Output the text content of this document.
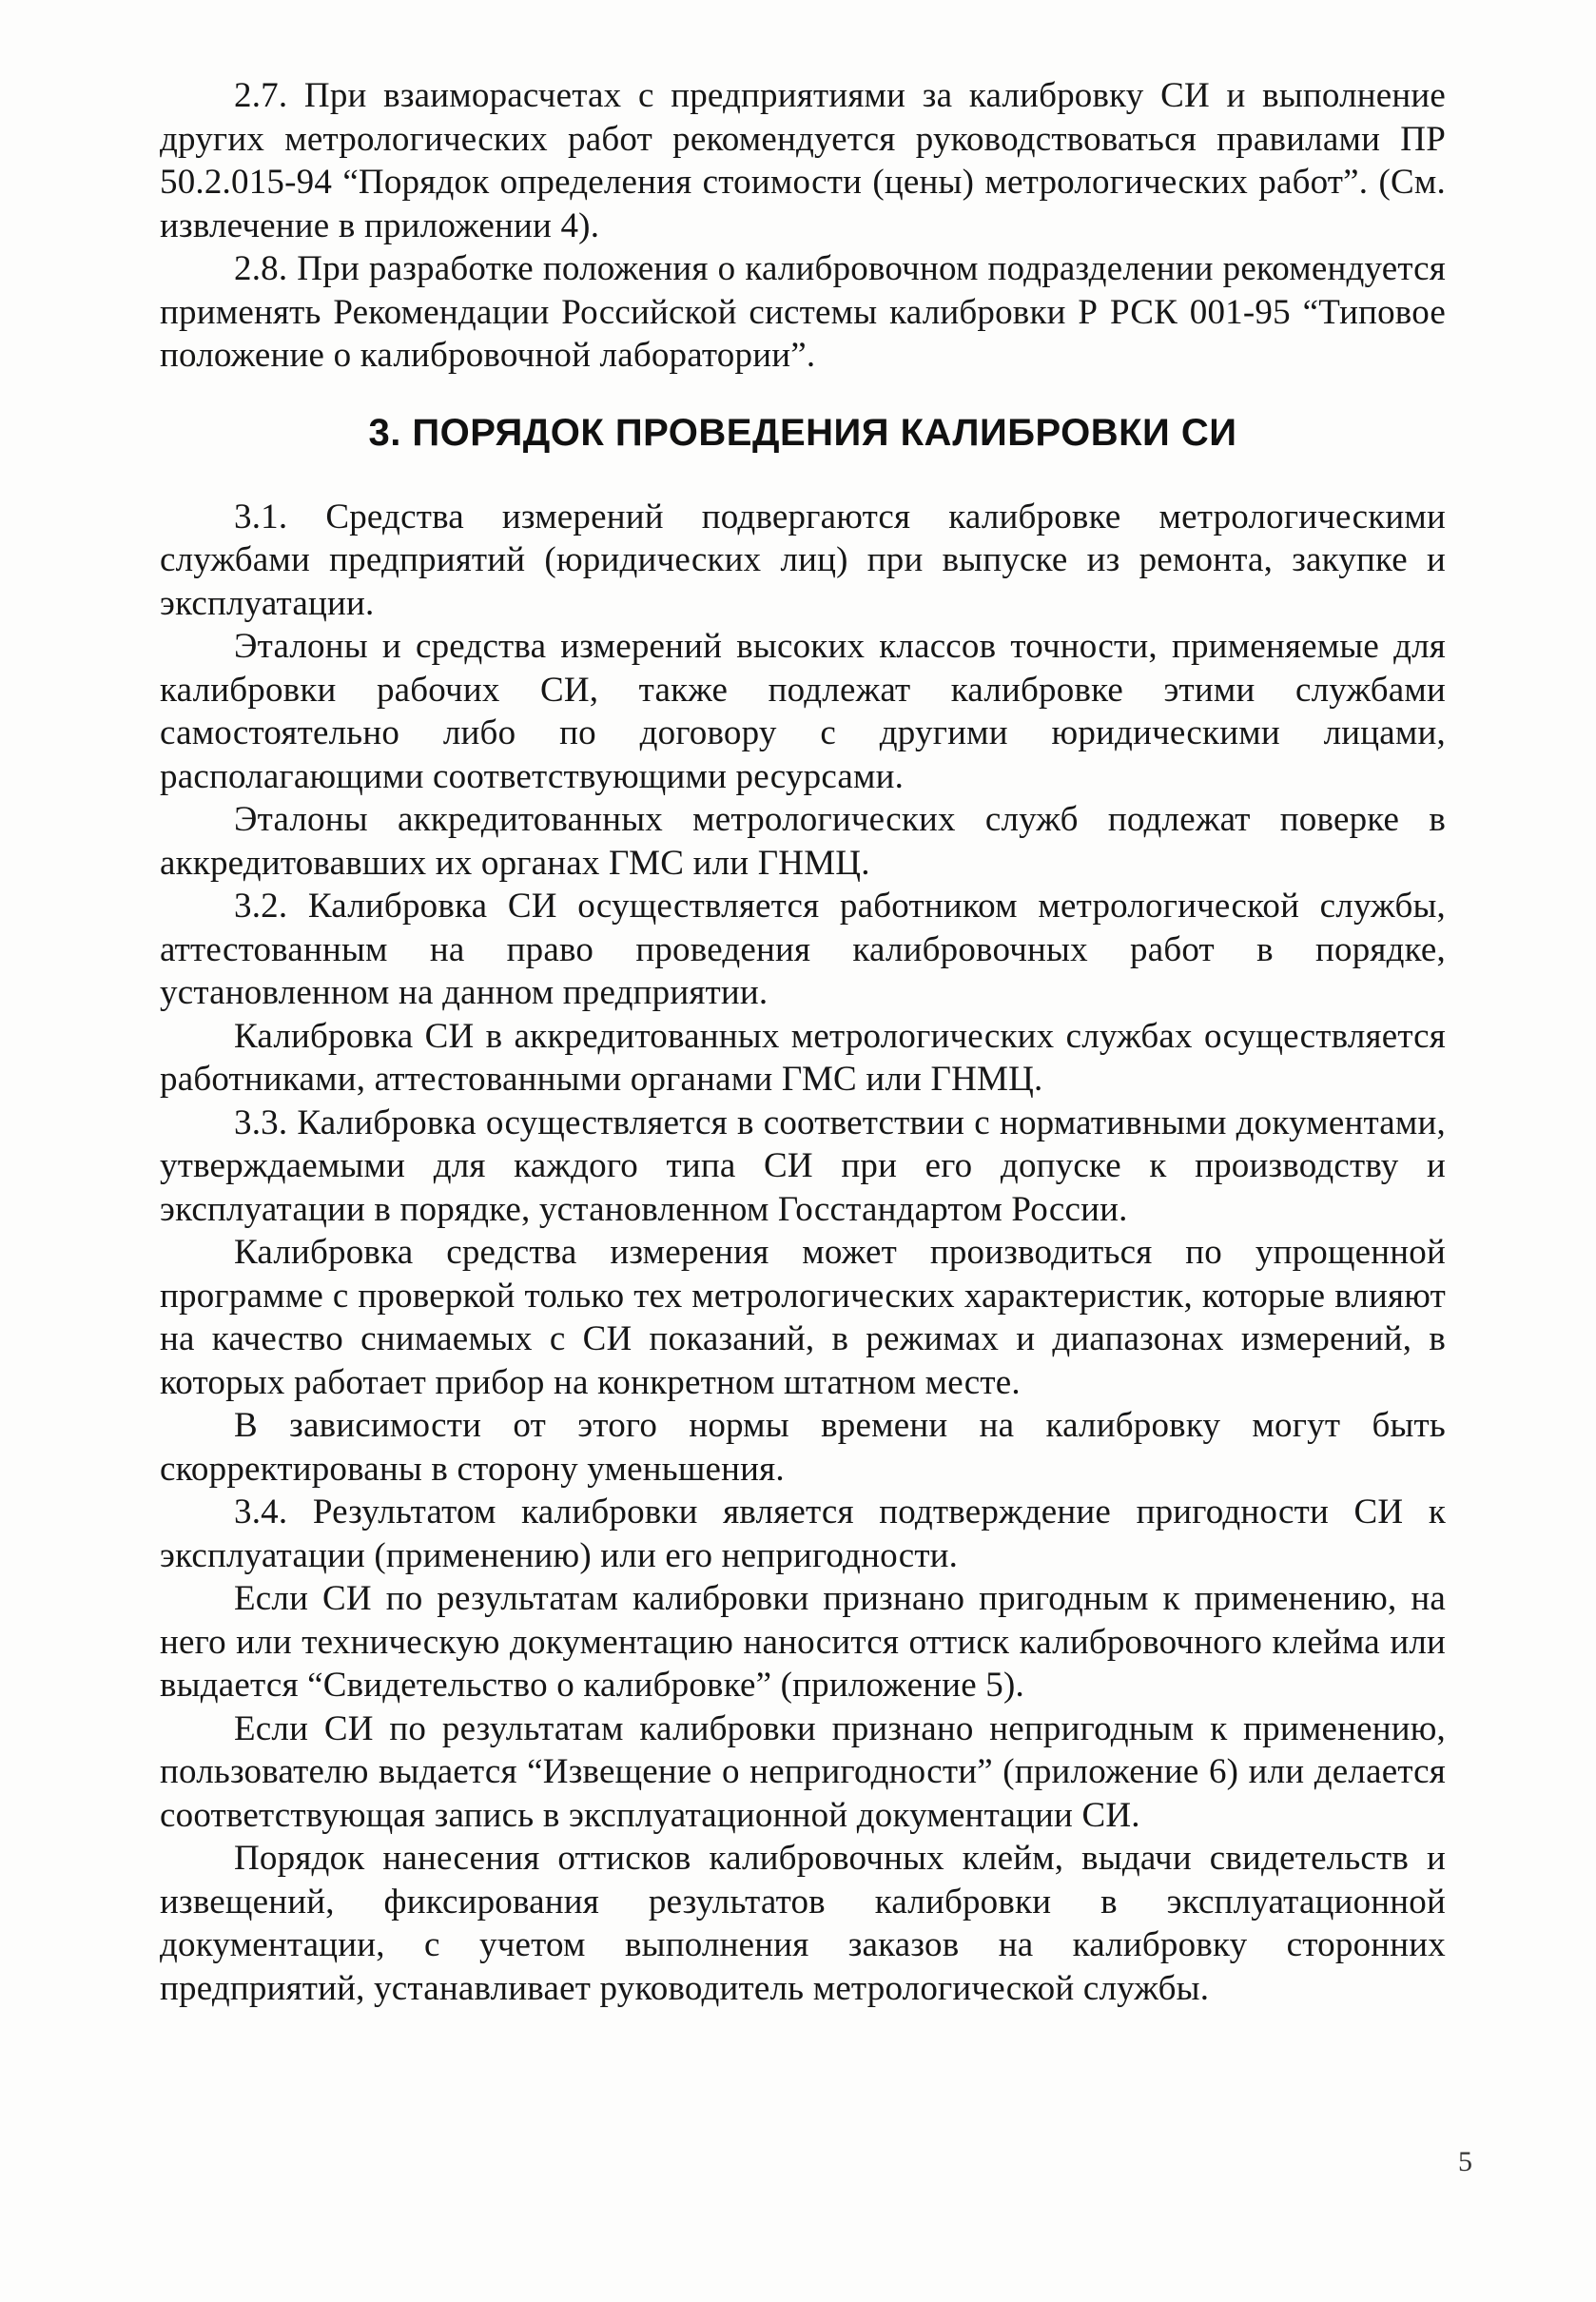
2.7. При взаиморасчетах с предприятиями за калибровку СИ и выполнение других метрологических работ рекомендуется руководствоваться правилами ПР 50.2.015-94 “Порядок определения стоимости (цены) метрологических работ”. (См. извлечение в приложении 4).

2.8. При разработке положения о калибровочном подразделении рекомендуется применять Рекомендации Российской системы калибровки Р РСК 001-95 “Типовое положение о калибровочной лаборатории”.

3. ПОРЯДОК ПРОВЕДЕНИЯ КАЛИБРОВКИ СИ

3.1. Средства измерений подвергаются калибровке метрологическими службами предприятий (юридических лиц) при выпуске из ремонта, закупке и эксплуатации.

Эталоны и средства измерений высоких классов точности, применяемые для калибровки рабочих СИ, также подлежат калибровке этими службами самостоятельно либо по договору с другими юридическими лицами, располагающими соответствующими ресурсами.

Эталоны аккредитованных метрологических служб подлежат поверке в аккредитовавших их органах ГМС или ГНМЦ.

3.2. Калибровка СИ осуществляется работником метрологической службы, аттестованным на право проведения калибровочных работ в порядке, установленном на данном предприятии.

Калибровка СИ в аккредитованных метрологических службах осуществляется работниками, аттестованными органами ГМС или ГНМЦ.

3.3. Калибровка осуществляется в соответствии с нормативными документами, утверждаемыми для каждого типа СИ при его допуске к производству и эксплуатации в порядке, установленном Госстандартом России.

Калибровка средства измерения может производиться по упрощенной программе с проверкой только тех метрологических характеристик, которые влияют на качество снимаемых с СИ показаний, в режимах и диапазонах измерений, в которых работает прибор на конкретном штатном месте.

В зависимости от этого нормы времени на калибровку могут быть скорректированы в сторону уменьшения.

3.4. Результатом калибровки является подтверждение пригодности СИ к эксплуатации (применению) или его непригодности.

Если СИ по результатам калибровки признано пригодным к применению, на него или техническую документацию наносится оттиск калибровочного клейма или выдается “Свидетельство о калибровке” (приложение 5).

Если СИ по результатам калибровки признано непригодным к применению, пользователю выдается “Извещение о непригодности” (приложение 6) или делается соответствующая запись в эксплуатационной документации СИ.

Порядок нанесения оттисков калибровочных клейм, выдачи свидетельств и извещений, фиксирования результатов калибровки в эксплуатационной документации, с учетом выполнения заказов на калибровку сторонних предприятий, устанавливает руководитель метрологической службы.

5
